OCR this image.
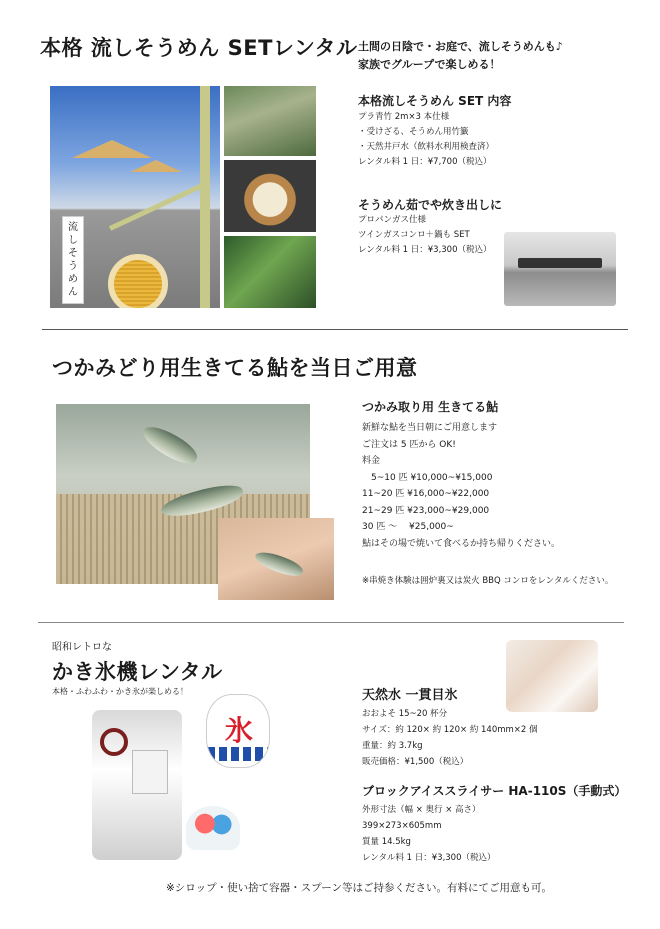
本格 流しそうめん SETレンタル 土間の日陰で・お庭で、流しそうめんも♪
家族でグループで楽しめる！
流
し
そ
う
め
ん
本格流しそうめん SET 内容
プラ青竹 2m×3 本仕様
・受けざる、そうめん用竹籤
・天然井戸水（飲料水利用検査済）
レンタル料 1 日：¥7,700（税込）
そうめん茹でや炊き出しに
プロパンガス仕様
ツインガスコンロ＋鍋も SET
レンタル料 1 日：¥3,300（税込）
つかみどり用生きてる鮎を当日ご用意
つかみ取り用 生きてる鮎
新鮮な鮎を当日朝にご用意します
ご注文は 5 匹から OK!
料金
　5~10 匹 ¥10,000~¥15,000
11~20 匹 ¥16,000~¥22,000
21~29 匹 ¥23,000~¥29,000
30 匹 ～　 ¥25,000~
鮎はその場で焼いて食べるか持ち帰りください。
※串焼き体験は囲炉裏又は炭火 BBQ コンロをレンタルください。
昭和レトロな
かき氷機レンタル
本格・ふわふわ・かき氷が楽しめる！
氷
天然水 一貫目氷
おおよそ 15~20 杯分
サイズ：約 120× 約 120× 約 140mm×2 個
重量：約 3.7kg
販売価格：¥1,500（税込）
ブロックアイススライサー HA-110S（手動式）
外形寸法（幅 × 奥行 × 高さ）
399×273×605mm
質量 14.5kg
レンタル料 1 日：¥3,300（税込）
※シロップ・使い捨て容器・スプーン等はご持参ください。有料にてご用意も可。
